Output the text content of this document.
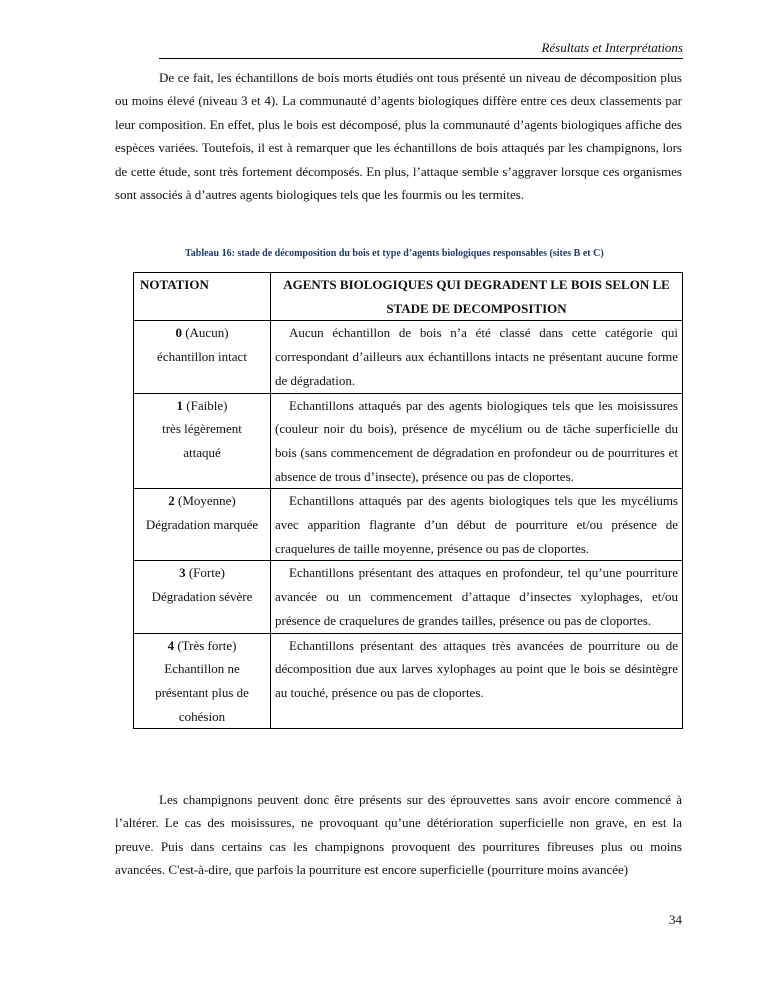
Résultats et Interprétations

De ce fait, les échantillons de bois morts étudiés ont tous présenté un niveau de décomposition plus ou moins élevé (niveau 3 et 4). La communauté d’agents biologiques diffère entre ces deux classements par leur composition. En effet, plus le bois est décomposé, plus la communauté d’agents biologiques affiche des espèces variées. Toutefois, il est à remarquer que les échantillons de bois attaqués par les champignons, lors de cette étude, sont très fortement décomposés. En plus, l’attaque semble s’aggraver lorsque ces organismes sont associés à d’autres agents biologiques tels que les fourmis ou les termites.

Tableau 16: stade de décomposition du bois et type d’agents biologiques responsables (sites B et C)
NOTATION	AGENTS BIOLOGIQUES QUI DEGRADENT LE BOIS SELON LE STADE DE DECOMPOSITION
0 (Aucun)
échantillon intact	Aucun échantillon de bois n’a été classé dans cette catégorie qui correspondant d’ailleurs aux échantillons intacts ne présentant aucune forme de dégradation.
1 (Faible)
très légèrement attaqué	Echantillons attaqués par des agents biologiques tels que les moisissures (couleur noir du bois), présence de mycélium ou de tâche superficielle du bois (sans commencement de dégradation en profondeur ou de pourritures et absence de trous d’insecte), présence ou pas de cloportes.
2 (Moyenne)
Dégradation marquée	Echantillons attaqués par des agents biologiques tels que les mycéliums avec apparition flagrante d’un début de pourriture et/ou présence de craquelures de taille moyenne, présence ou pas de cloportes.
3 (Forte)
Dégradation sévère	Echantillons présentant des attaques en profondeur, tel qu’une pourriture avancée ou un commencement d’attaque d’insectes xylophages, et/ou présence de craquelures de grandes tailles, présence ou pas de cloportes.
4 (Très forte)
Echantillon ne présentant plus de cohésion	Echantillons présentant des attaques très avancées de pourriture ou de décomposition due aux larves xylophages au point que le bois se désintègre au touché, présence ou pas de cloportes.

Les champignons peuvent donc être présents sur des éprouvettes sans avoir encore commencé à l’altérer. Le cas des moisissures, ne provoquant qu’une détérioration superficielle non grave, en est la preuve. Puis dans certains cas les champignons provoquent des pourritures fibreuses plus ou moins avancées. C'est-à-dire, que parfois la pourriture est encore superficielle (pourriture moins avancée)

34
